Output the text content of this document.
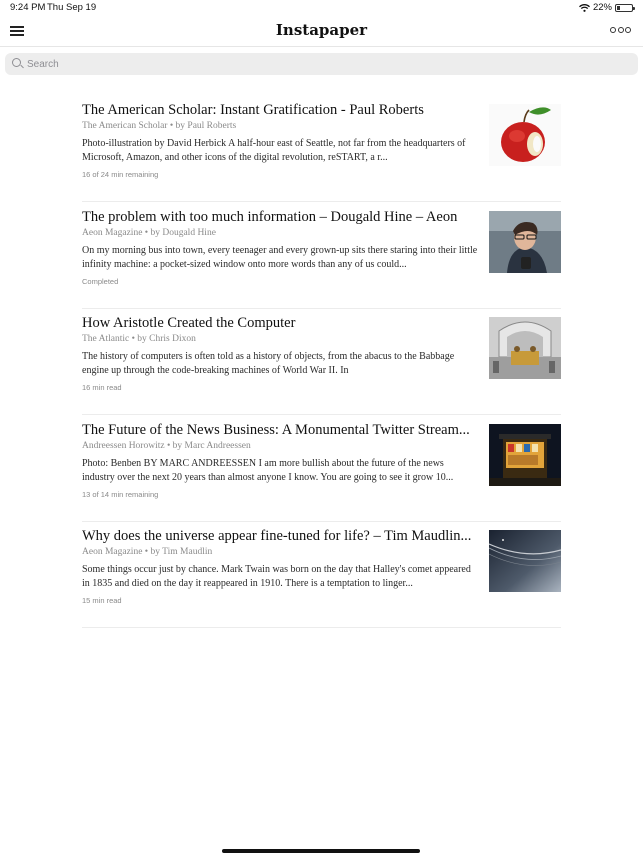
9:24 PM Thu Sep 19	22%
Instapaper
Search
The American Scholar: Instant Gratification - Paul Roberts
The American Scholar • by Paul Roberts
Photo-illustration by David Herbick A half-hour east of Seattle, not far from the headquarters of Microsoft, Amazon, and other icons of the digital revolution, reSTART, a r...
16 of 24 min remaining
The problem with too much information – Dougald Hine – Aeon
Aeon Magazine • by Dougald Hine
On my morning bus into town, every teenager and every grown-up sits there staring into their little infinity machine: a pocket-sized window onto more words than any of us could...
Completed
How Aristotle Created the Computer
The Atlantic • by Chris Dixon
The history of computers is often told as a history of objects, from the abacus to the Babbage engine up through the code-breaking machines of World War II. In
16 min read
The Future of the News Business: A Monumental Twitter Stream...
Andreessen Horowitz • by Marc Andreessen
Photo: Benben BY MARC ANDREESSEN I am more bullish about the future of the news industry over the next 20 years than almost anyone I know. You are going to see it grow 10...
13 of 14 min remaining
Why does the universe appear fine-tuned for life? – Tim Maudlin...
Aeon Magazine • by Tim Maudlin
Some things occur just by chance. Mark Twain was born on the day that Halley's comet appeared in 1835 and died on the day it reappeared in 1910. There is a temptation to linger...
15 min read
